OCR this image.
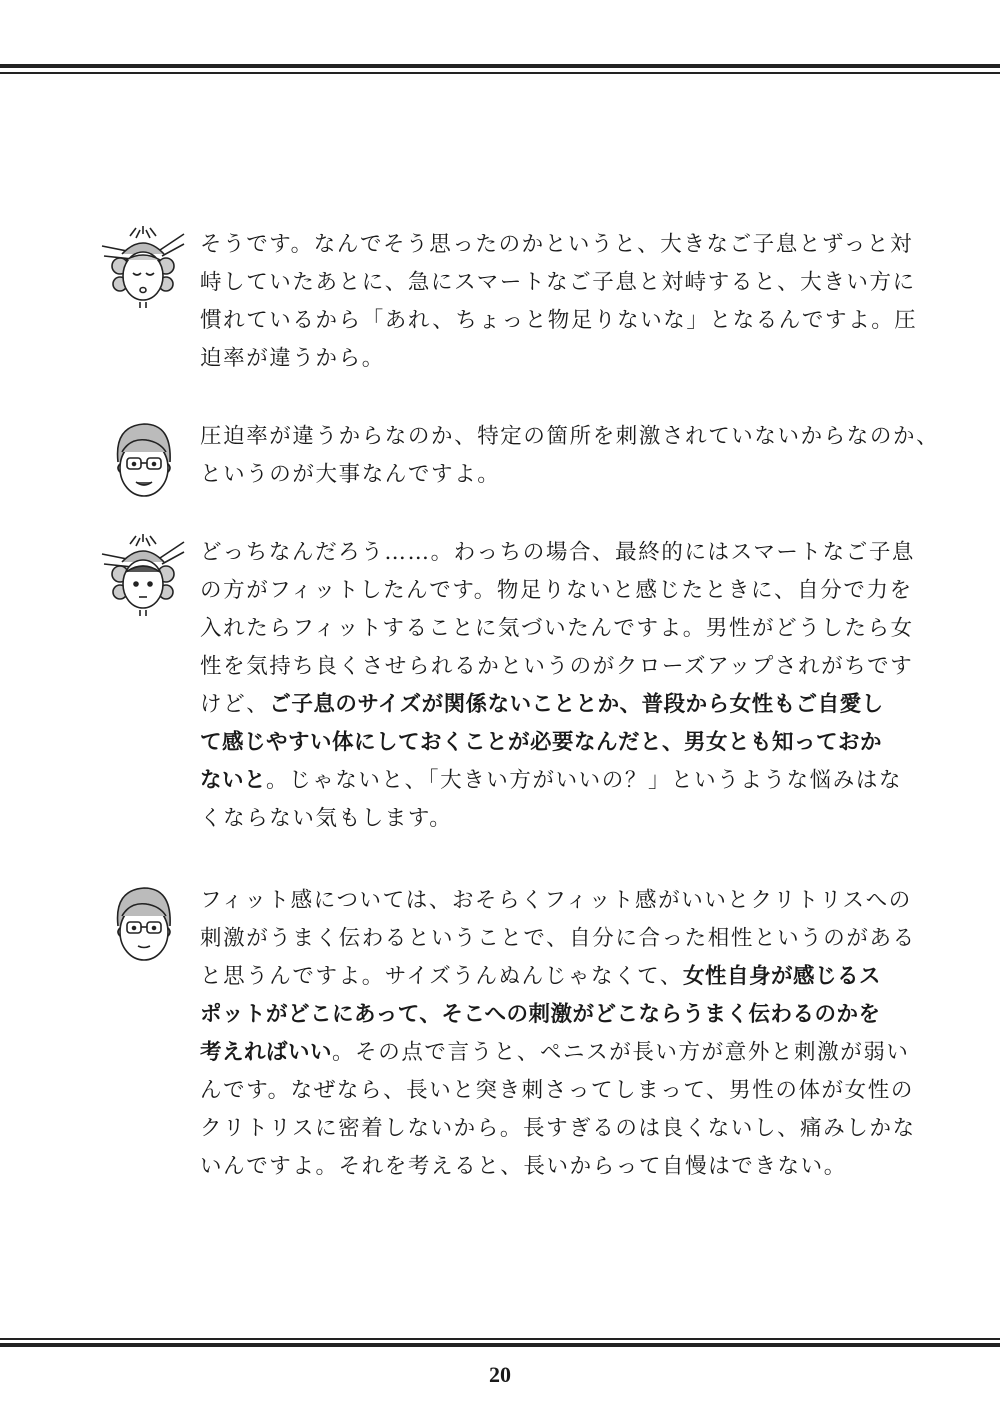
そうです。なんでそう思ったのかというと、大きなご子息とずっと対

峙していたあとに、急にスマートなご子息と対峙すると、大きい方に

慣れているから「あれ、ちょっと物足りないな」となるんですよ。圧

迫率が違うから。

圧迫率が違うからなのか、特定の箇所を刺激されていないからなのか、

というのが大事なんですよ。

どっちなんだろう……。わっちの場合、最終的にはスマートなご子息

の方がフィットしたんです。物足りないと感じたときに、自分で力を

入れたらフィットすることに気づいたんですよ。男性がどうしたら女

性を気持ち良くさせられるかというのがクローズアップされがちです

けど、ご子息のサイズが関係ないこととか、普段から女性もご自愛し

て感じやすい体にしておくことが必要なんだと、男女とも知っておか

ないと。じゃないと、「大きい方がいいの？」というような悩みはな

くならない気もします。

フィット感については、おそらくフィット感がいいとクリトリスへの

刺激がうまく伝わるということで、自分に合った相性というのがある

と思うんですよ。サイズうんぬんじゃなくて、女性自身が感じるス

ポットがどこにあって、そこへの刺激がどこならうまく伝わるのかを

考えればいい。その点で言うと、ペニスが長い方が意外と刺激が弱い

んです。なぜなら、長いと突き刺さってしまって、男性の体が女性の

クリトリスに密着しないから。長すぎるのは良くないし、痛みしかな

いんですよ。それを考えると、長いからって自慢はできない。

20
